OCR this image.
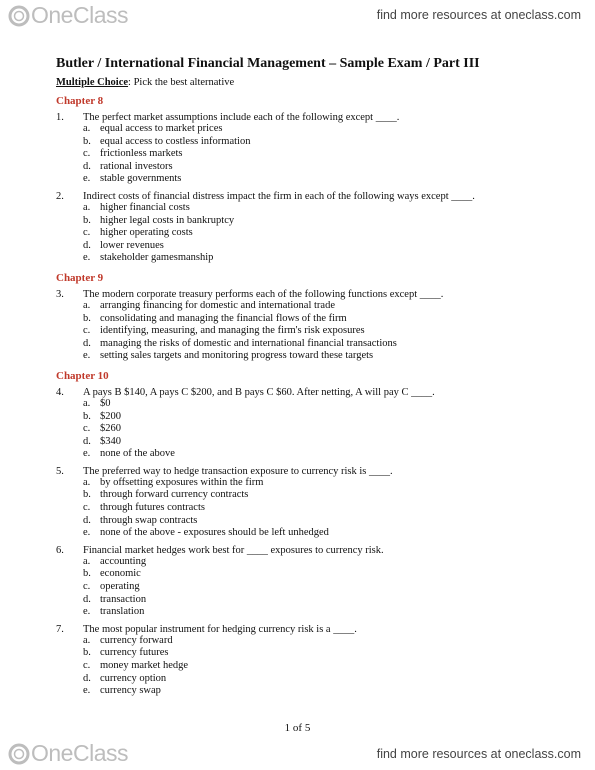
OneClass	find more resources at oneclass.com
Butler / International Financial Management – Sample Exam / Part III
Multiple Choice: Pick the best alternative
Chapter 8
1.	The perfect market assumptions include each of the following except ____.
a. equal access to market prices
b. equal access to costless information
c. frictionless markets
d. rational investors
e. stable governments
2.	Indirect costs of financial distress impact the firm in each of the following ways except ____.
a. higher financial costs
b. higher legal costs in bankruptcy
c. higher operating costs
d. lower revenues
e. stakeholder gamesmanship
Chapter 9
3.	The modern corporate treasury performs each of the following functions except ____.
a. arranging financing for domestic and international trade
b. consolidating and managing the financial flows of the firm
c. identifying, measuring, and managing the firm's risk exposures
d. managing the risks of domestic and international financial transactions
e. setting sales targets and monitoring progress toward these targets
Chapter 10
4.	A pays B $140, A pays C $200, and B pays C $60. After netting, A will pay C ____.
a. $0
b. $200
c. $260
d. $340
e. none of the above
5.	The preferred way to hedge transaction exposure to currency risk is ____.
a. by offsetting exposures within the firm
b. through forward currency contracts
c. through futures contracts
d. through swap contracts
e. none of the above - exposures should be left unhedged
6.	Financial market hedges work best for ____ exposures to currency risk.
a. accounting
b. economic
c. operating
d. transaction
e. translation
7.	The most popular instrument for hedging currency risk is a ____.
a. currency forward
b. currency futures
c. money market hedge
d. currency option
e. currency swap
1 of 5
OneClass	find more resources at oneclass.com
